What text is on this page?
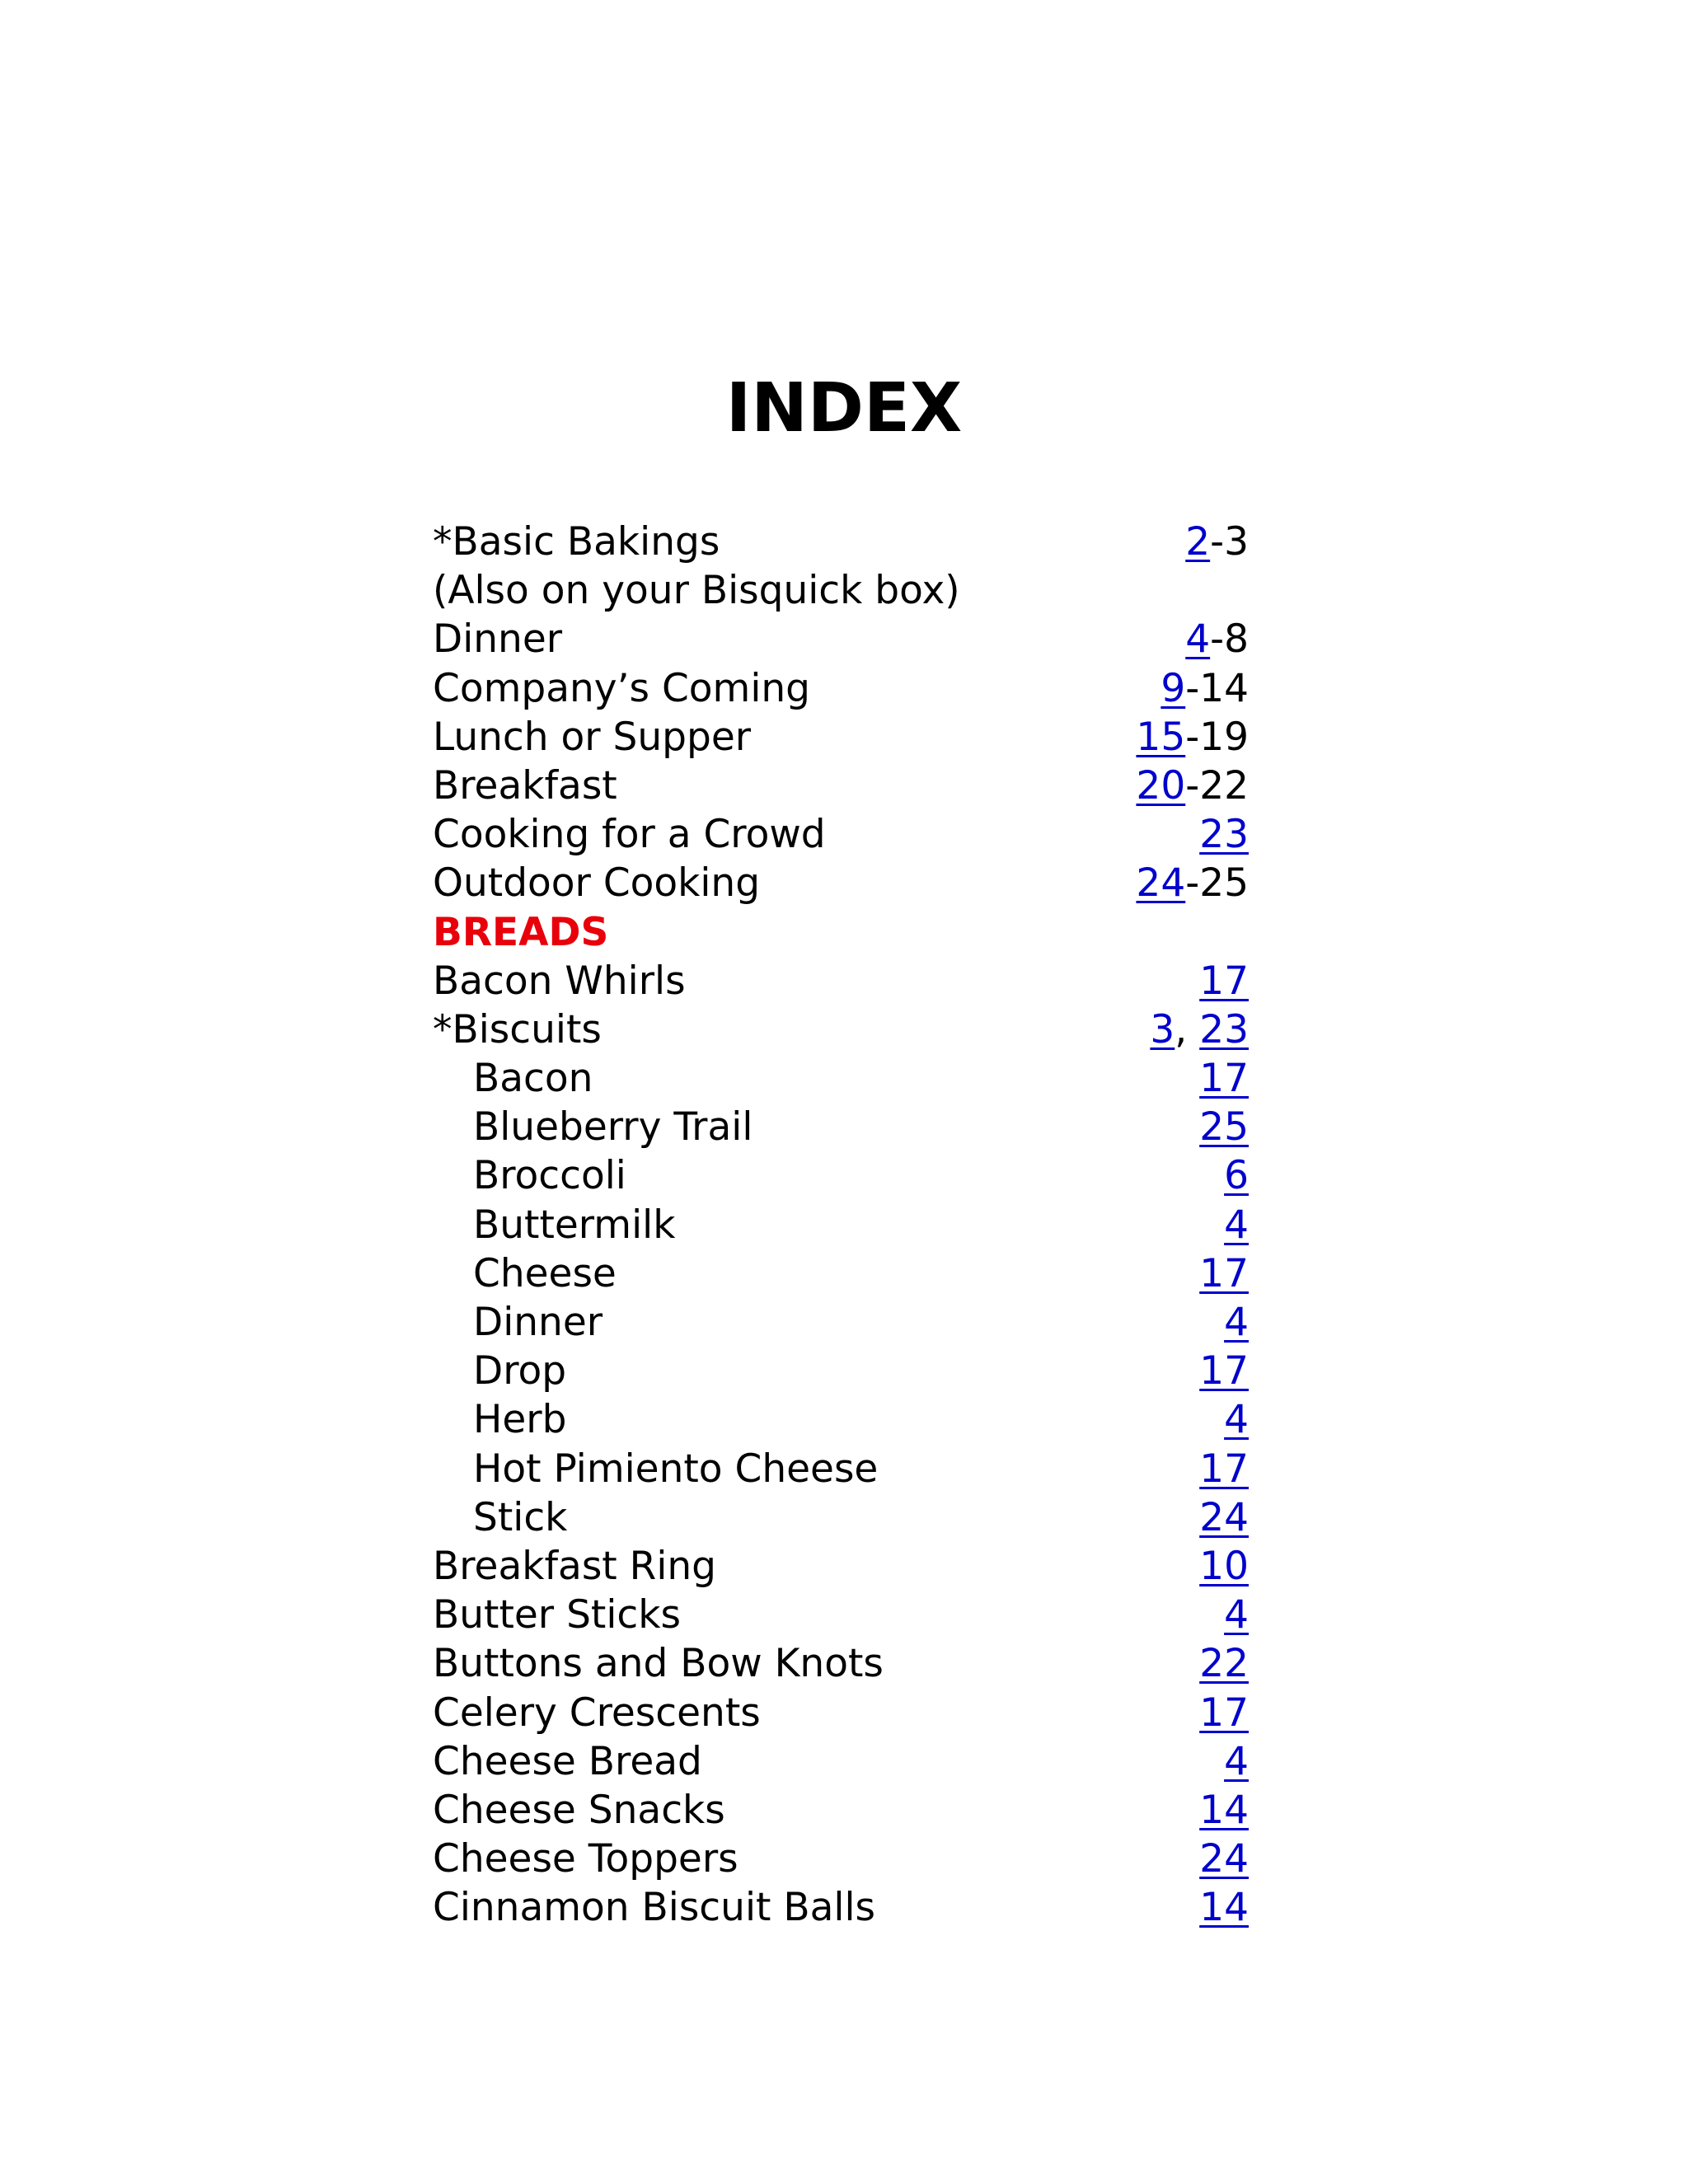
INDEX
*Basic Bakings	2-3
(Also on your Bisquick box)
Dinner	4-8
Company’s Coming	9-14
Lunch or Supper	15-19
Breakfast	20-22
Cooking for a Crowd	23
Outdoor Cooking	24-25
BREADS
Bacon Whirls	17
*Biscuits	3, 23
Bacon	17
Blueberry Trail	25
Broccoli	6
Buttermilk	4
Cheese	17
Dinner	4
Drop	17
Herb	4
Hot Pimiento Cheese	17
Stick	24
Breakfast Ring	10
Butter Sticks	4
Buttons and Bow Knots	22
Celery Crescents	17
Cheese Bread	4
Cheese Snacks	14
Cheese Toppers	24
Cinnamon Biscuit Balls	14
